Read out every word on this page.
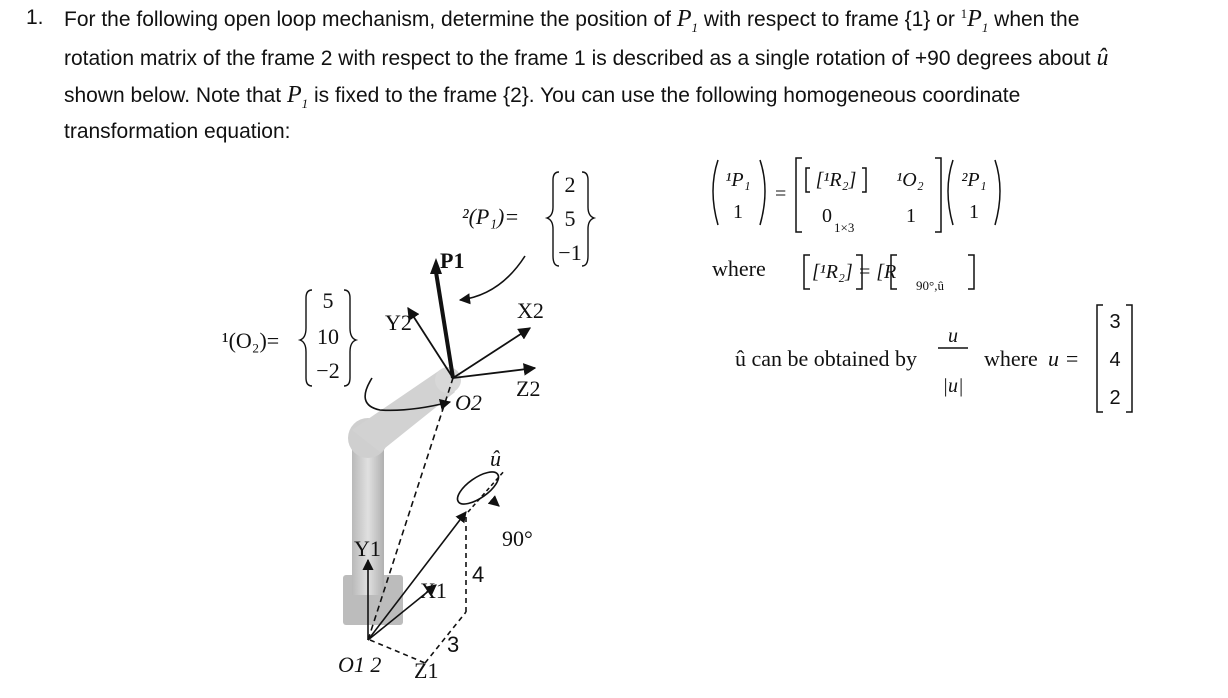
1. For the following open loop mechanism, determine the position of $P_1$ with respect to frame {1} or $^1P_1$ when the
rotation matrix of the frame 2 with respect to the frame 1 is described as a single rotation of +90 degrees about û
shown below. Note that $P_1$ is fixed to the frame {2}. You can use the following homogeneous coordinate
transformation equation:
P1
X2
Y2
Z2
O2
X1
Y1
Z1
O1 2
û
90°
4
3
²(P₁)=
2
5
−1
¹(O₂)=
5
10
−2
¹P₁
1
=
[¹R₂] ¹O₂
0
1×3
1
²P₁
1
where [¹R₂] = [R
90°,û
û can be obtained by
u
|u|
where u =
3
4
2
